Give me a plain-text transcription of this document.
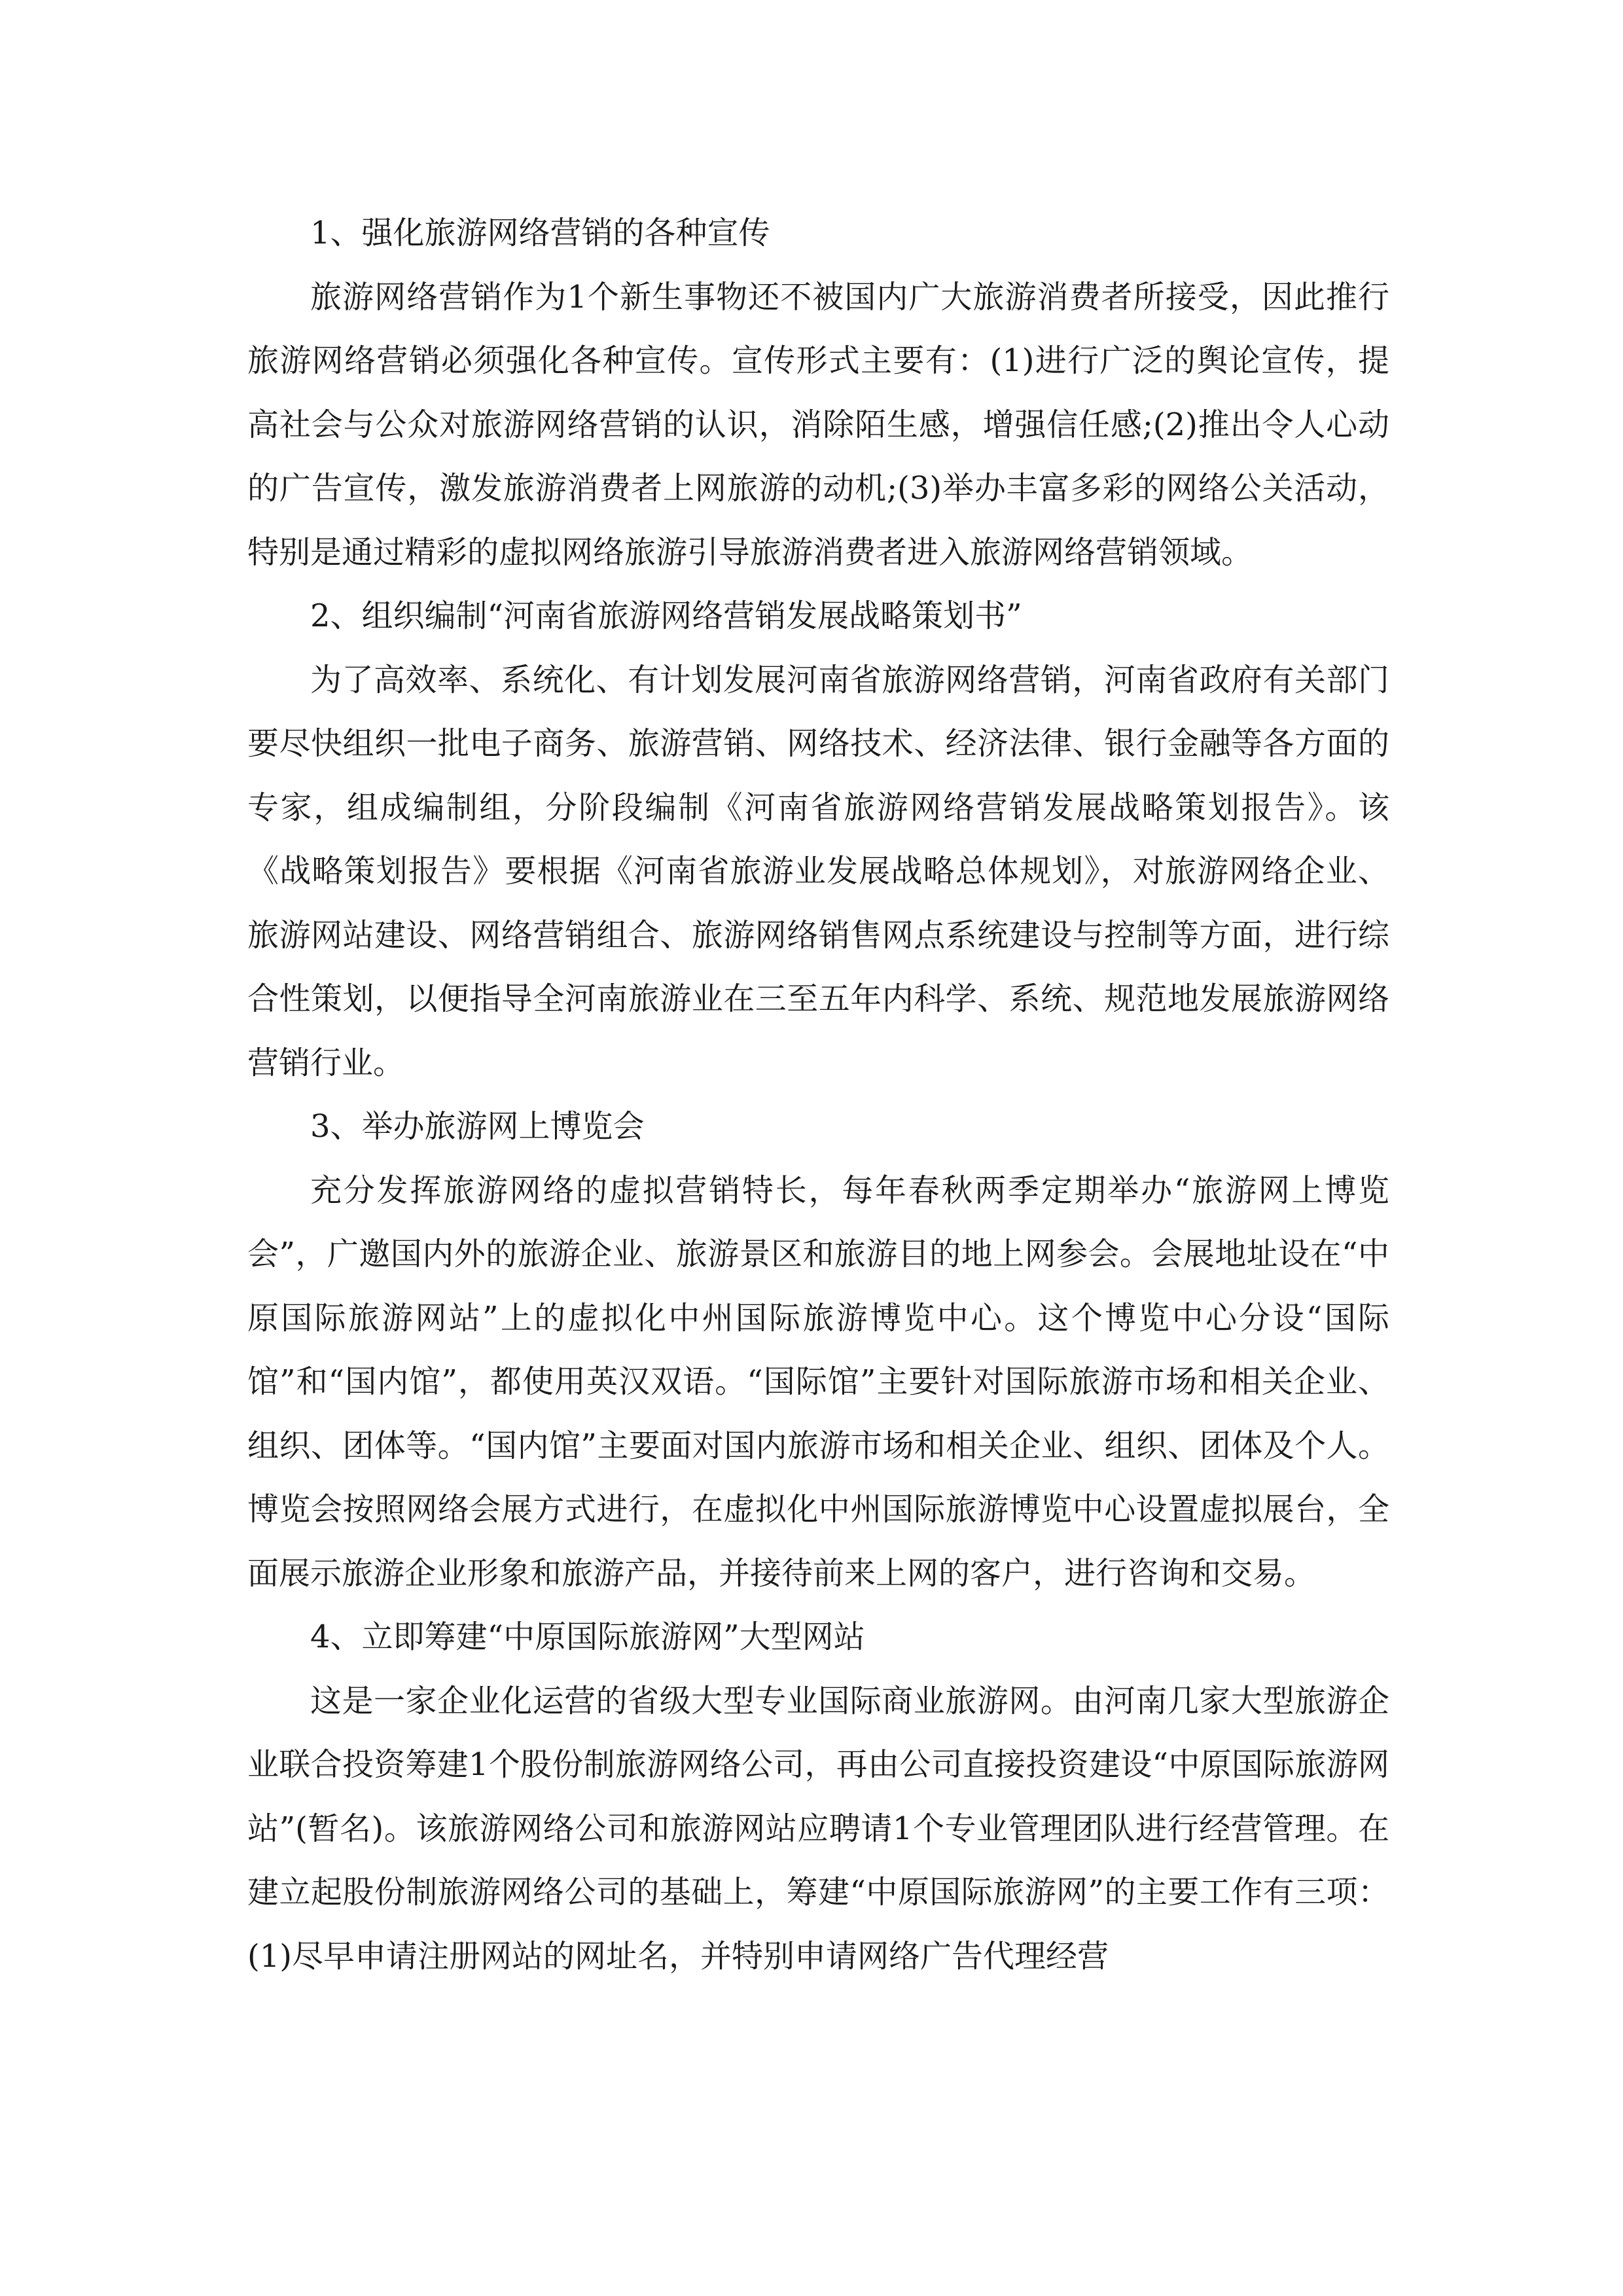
1、强化旅游网络营销的各种宣传

旅游网络营销作为1个新生事物还不被国内广大旅游消费者所接受，因此推行旅游网络营销必须强化各种宣传。宣传形式主要有：(1)进行广泛的舆论宣传，提高社会与公众对旅游网络营销的认识，消除陌生感，增强信任感;(2)推出令人心动的广告宣传，激发旅游消费者上网旅游的动机;(3)举办丰富多彩的网络公关活动，特别是通过精彩的虚拟网络旅游引导旅游消费者进入旅游网络营销领域。

2、组织编制“河南省旅游网络营销发展战略策划书”

为了高效率、系统化、有计划发展河南省旅游网络营销，河南省政府有关部门要尽快组织一批电子商务、旅游营销、网络技术、经济法律、银行金融等各方面的专家，组成编制组，分阶段编制《河南省旅游网络营销发展战略策划报告》。该《战略策划报告》要根据《河南省旅游业发展战略总体规划》，对旅游网络企业、旅游网站建设、网络营销组合、旅游网络销售网点系统建设与控制等方面，进行综合性策划，以便指导全河南旅游业在三至五年内科学、系统、规范地发展旅游网络营销行业。

3、举办旅游网上博览会

充分发挥旅游网络的虚拟营销特长，每年春秋两季定期举办“旅游网上博览会”，广邀国内外的旅游企业、旅游景区和旅游目的地上网参会。会展地址设在“中原国际旅游网站”上的虚拟化中州国际旅游博览中心。这个博览中心分设“国际馆”和“国内馆”，都使用英汉双语。“国际馆”主要针对国际旅游市场和相关企业、组织、团体等。“国内馆”主要面对国内旅游市场和相关企业、组织、团体及个人。博览会按照网络会展方式进行，在虚拟化中州国际旅游博览中心设置虚拟展台，全面展示旅游企业形象和旅游产品，并接待前来上网的客户，进行咨询和交易。

4、立即筹建“中原国际旅游网”大型网站

这是一家企业化运营的省级大型专业国际商业旅游网。由河南几家大型旅游企业联合投资筹建1个股份制旅游网络公司，再由公司直接投资建设“中原国际旅游网站”(暂名)。该旅游网络公司和旅游网站应聘请1个专业管理团队进行经营管理。在建立起股份制旅游网络公司的基础上，筹建“中原国际旅游网”的主要工作有三项：(1)尽早申请注册网站的网址名，并特别申请网络广告代理经营
